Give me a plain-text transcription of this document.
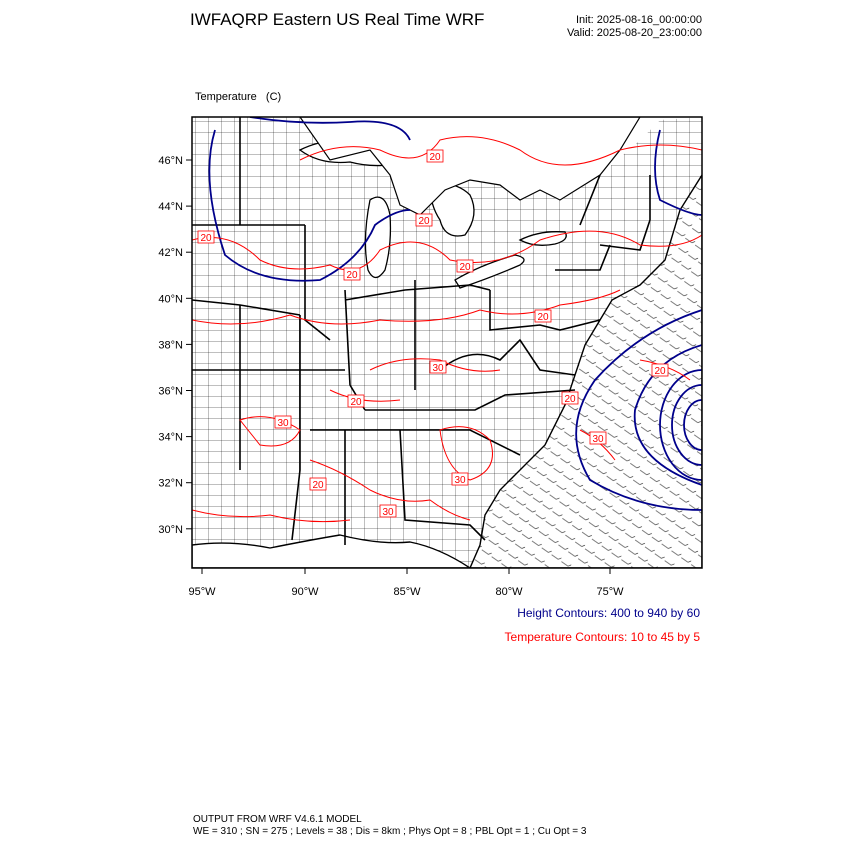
IWFAQRP Eastern US Real Time WRF	Init: 2025-08-16_00:00:00
Valid: 2025-08-20_23:00:00

Temperature   (C)

20
20
20
20
20
20
20
30
30
20
30
30
30
20
20
46°N
44°N
42°N
40°N
38°N
36°N
34°N
32°N
30°N
95°W	90°W	85°W	80°W	75°W
Height Contours: 400 to 940 by 60
Temperature Contours: 10 to 45 by 5
OUTPUT FROM WRF V4.6.1 MODEL
WE = 310 ; SN = 275 ; Levels = 38 ; Dis = 8km ; Phys Opt = 8 ; PBL Opt = 1 ; Cu Opt = 3
